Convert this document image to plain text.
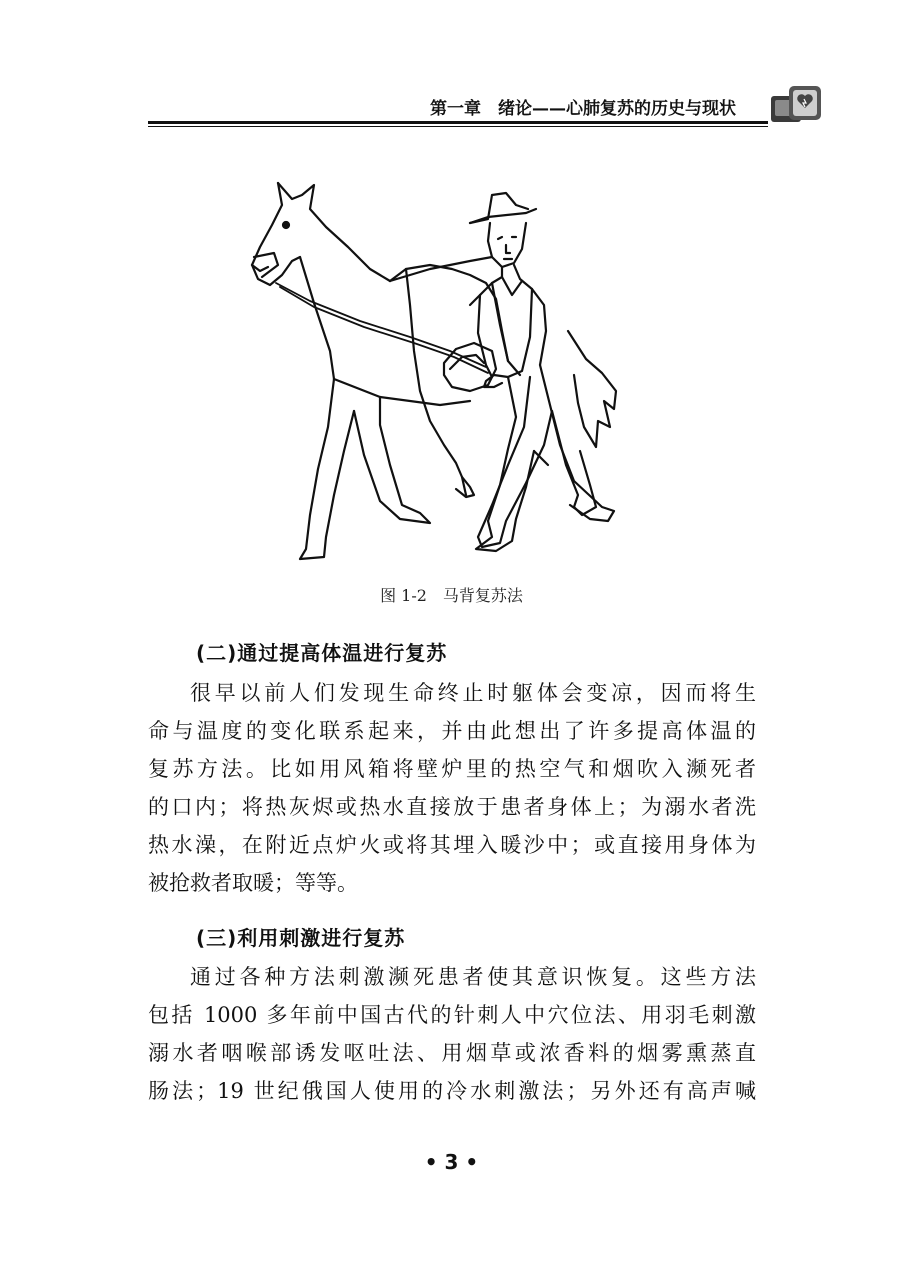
第一章　绪论——心肺复苏的历史与现状
图 1-2　马背复苏法
(二)通过提高体温进行复苏
很早以前人们发现生命终止时躯体会变凉，因而将生
命与温度的变化联系起来，并由此想出了许多提高体温的
复苏方法。比如用风箱将壁炉里的热空气和烟吹入濒死者
的口内；将热灰烬或热水直接放于患者身体上；为溺水者洗
热水澡，在附近点炉火或将其埋入暖沙中；或直接用身体为
被抢救者取暖；等等。
(三)利用刺激进行复苏
通过各种方法刺激濒死患者使其意识恢复。这些方法
包括 1000 多年前中国古代的针刺人中穴位法、用羽毛刺激
溺水者咽喉部诱发呕吐法、用烟草或浓香料的烟雾熏蒸直
肠法；19 世纪俄国人使用的冷水刺激法；另外还有高声喊
• 3 •
